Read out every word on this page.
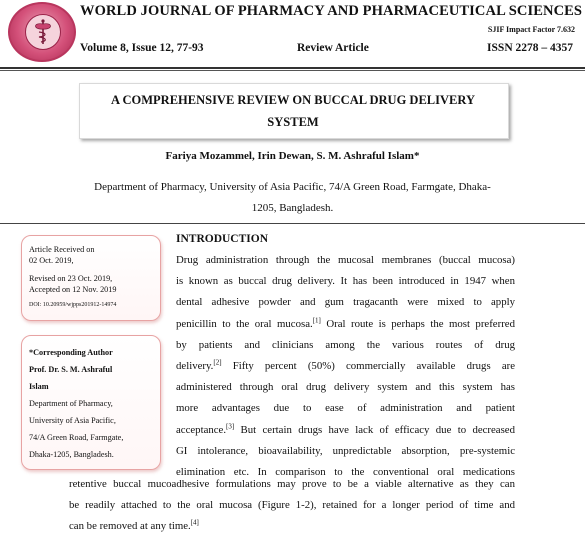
WORLD JOURNAL OF PHARMACY AND PHARMACEUTICAL SCIENCES
SJIF Impact Factor 7.632
Volume 8, Issue 12, 77-93	Review Article	ISSN 2278 – 4357
A COMPREHENSIVE REVIEW ON BUCCAL DRUG DELIVERY
SYSTEM
Fariya Mozammel, Irin Dewan, S. M. Ashraful Islam*
Department of Pharmacy, University of Asia Pacific, 74/A Green Road, Farmgate, Dhaka-
1205, Bangladesh.
Article Received on
02 Oct. 2019,
Revised on 23 Oct. 2019,
Accepted on 12 Nov. 2019
DOI: 10.20959/wjpps201912-14974
*Corresponding Author
Prof. Dr. S. M. Ashraful
Islam
Department of Pharmacy,
University of Asia Pacific,
74/A Green Road, Farmgate,
Dhaka-1205, Bangladesh.
INTRODUCTION
Drug administration through the mucosal membranes (buccal mucosa)
is known as buccal drug delivery. It has been introduced in 1947 when
dental adhesive powder and gum tragacanth were mixed to apply
penicillin to the oral mucosa.[1] Oral route is perhaps the most preferred
by patients and clinicians among the various routes of drug
delivery.[2] Fifty percent (50%) commercially available drugs are
administered through oral drug delivery system and this system has
more advantages due to ease of administration and patient
acceptance.[3] But certain drugs have lack of efficacy due to decreased
GI intolerance, bioavailability, unpredictable absorption, pre-systemic
elimination etc. In comparison to the conventional oral medications
retentive buccal mucoadhesive formulations may prove to be a viable alternative as they can
be readily attached to the oral mucosa (Figure 1-2), retained for a longer period of time and
can be removed at any time.[4]
